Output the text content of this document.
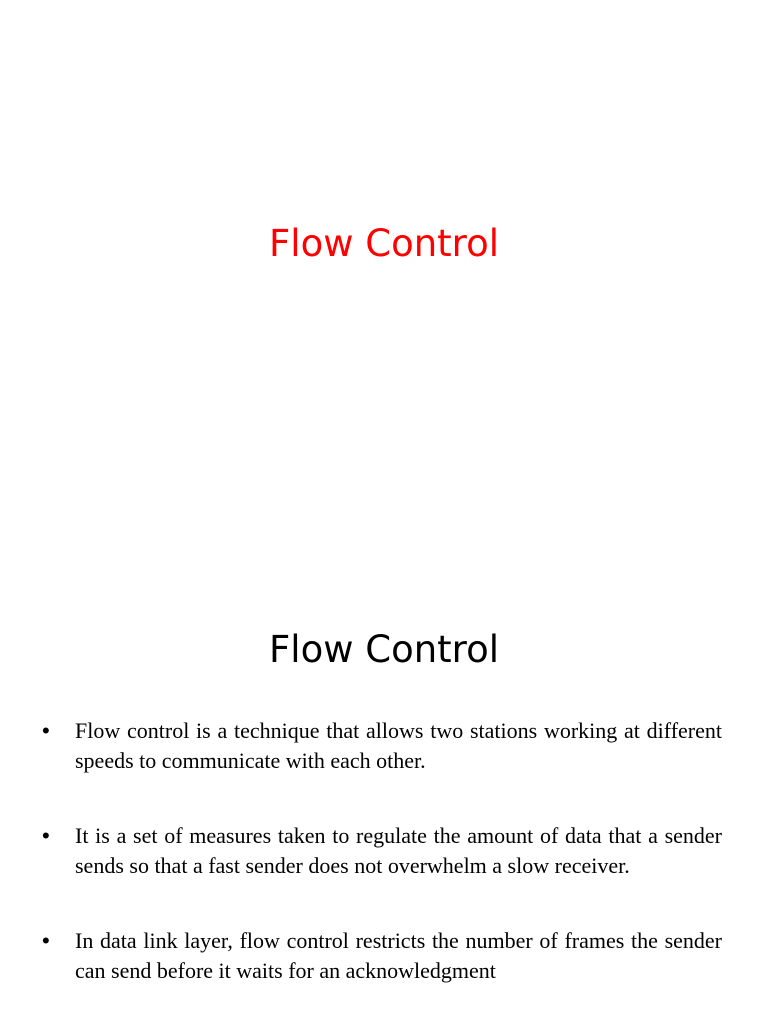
Flow Control
Flow Control
• Flow control is a technique that allows two stations working at different speeds to communicate with each other.
• It is a set of measures taken to regulate the amount of data that a sender sends so that a fast sender does not overwhelm a slow receiver.
• In data link layer, flow control restricts the number of frames the sender can send before it waits for an acknowledgment
